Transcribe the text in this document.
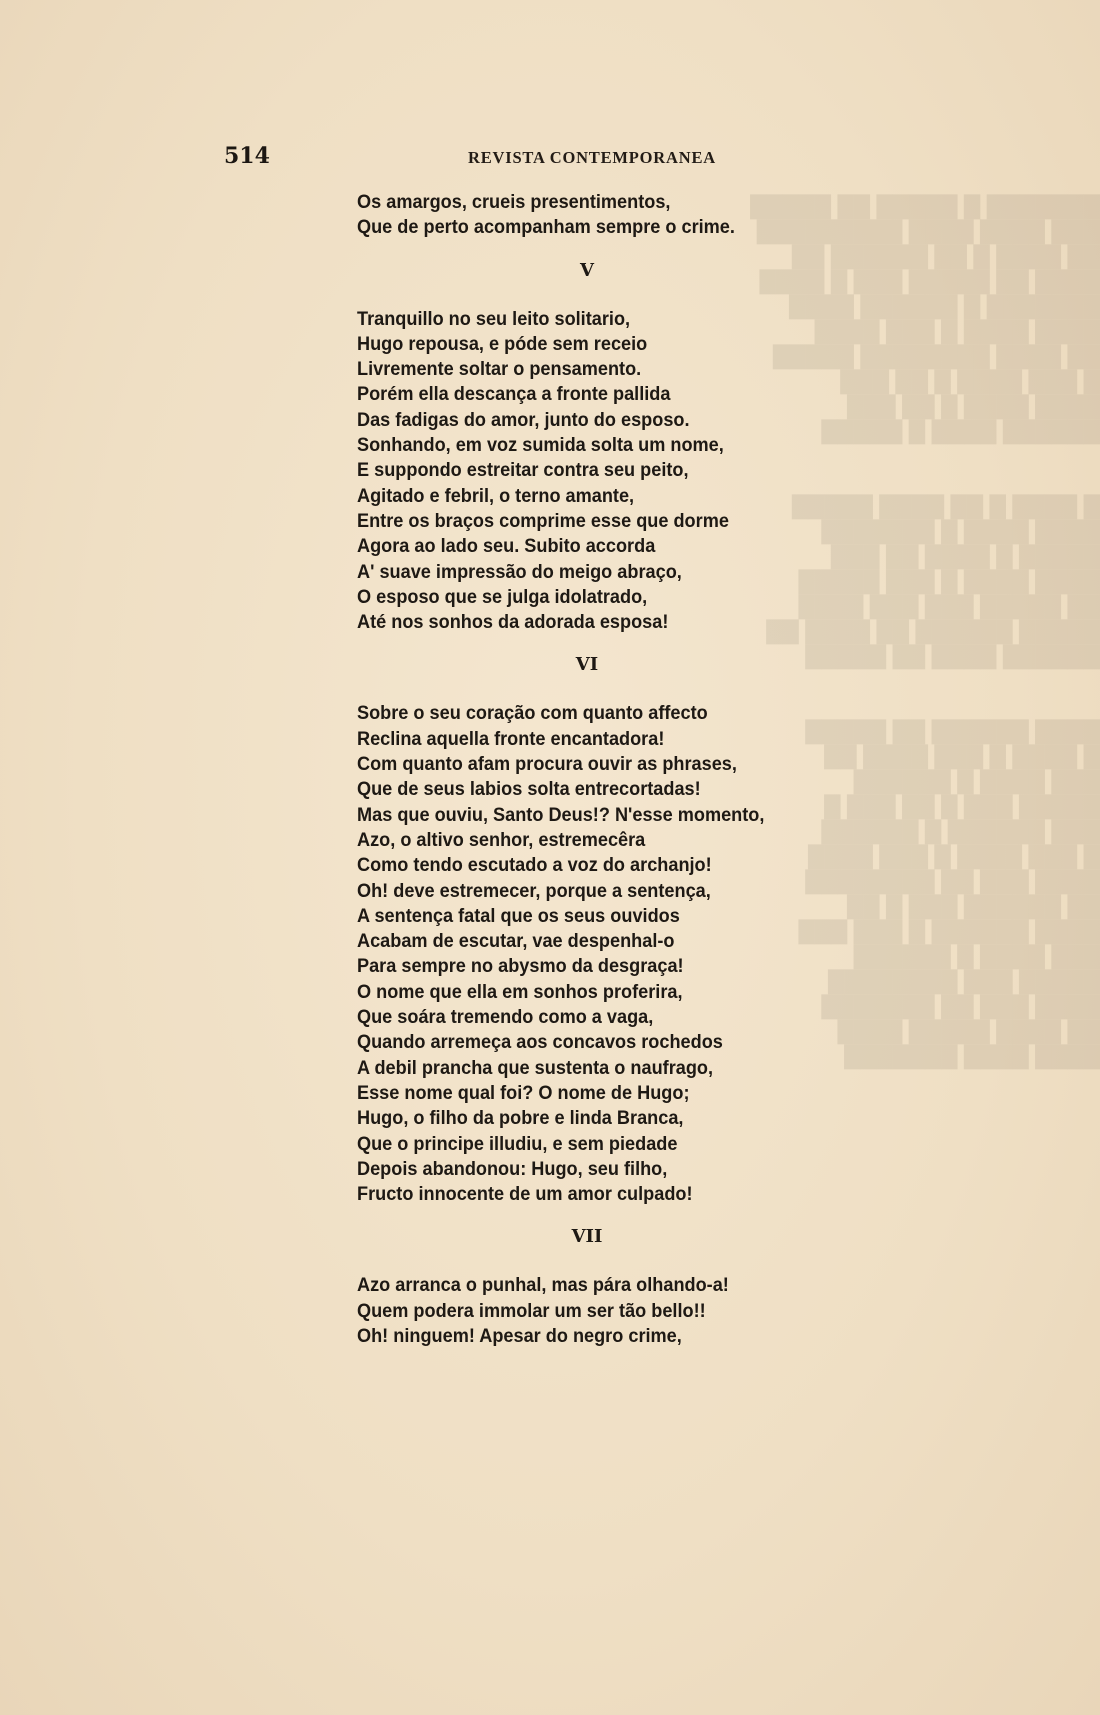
███████ █ █████ ██ █████
███ ████ ████ █████████
██ ████ █ ██ ██████ ██
████ ██ █████ ███ █ ████
███████ █ ██████ ████
████ ████ █ ███ ████
██ ████ ████████ █████
█ ███ ████ █ ██ ███
████ ████ █ ██ ███
██████ ████ █ █████

█ ████ █ ██ ████ █████
████ ████ █ ███████
█████ █ ████ ██ ███
████ ████ █ ███ █████
██ █████ ███ ███ ████
█████ ██████ ██ ████ ██
██████ ████ ██ █████

████ ██████ ██ █████
█ ████ █ ███ ████ ██
███ ████ █ ██████
█████ ███ █ ██ ███ █
███ ██████ █ ██████
█ ███ ████ █ ███ ████
████ ███ ██ ████████
██ ██████ ███ █ ██
████ ██████ █ ███ ███
███ ████ █ ██████
█████ ███ ████████
████ ███ ██ ███████
██ ████ █████ ████
████ ████ ███████

514	REVISTA CONTEMPORANEA
Os amargos, crueis presentimentos,
Que de perto acompanham sempre o crime.
V
Tranquillo no seu leito solitario,
Hugo repousa, e póde sem receio
Livremente soltar o pensamento.
Porém ella descança a fronte pallida
Das fadigas do amor, junto do esposo.
Sonhando, em voz sumida solta um nome,
E suppondo estreitar contra seu peito,
Agitado e febril, o terno amante,
Entre os braços comprime esse que dorme
Agora ao lado seu. Subito accorda
A' suave impressão do meigo abraço,
O esposo que se julga idolatrado,
Até nos sonhos da adorada esposa!
VI
Sobre o seu coração com quanto affecto
Reclina aquella fronte encantadora!
Com quanto afam procura ouvir as phrases,
Que de seus labios solta entrecortadas!
Mas que ouviu, Santo Deus!? N'esse momento,
Azo, o altivo senhor, estremecêra
Como tendo escutado a voz do archanjo!
Oh! deve estremecer, porque a sentença,
A sentença fatal que os seus ouvidos
Acabam de escutar, vae despenhal-o
Para sempre no abysmo da desgraça!
O nome que ella em sonhos proferira,
Que soára tremendo como a vaga,
Quando arremeça aos concavos rochedos
A debil prancha que sustenta o naufrago,
Esse nome qual foi? O nome de Hugo;
Hugo, o filho da pobre e linda Branca,
Que o principe illudiu, e sem piedade
Depois abandonou: Hugo, seu filho,
Fructo innocente de um amor culpado!
VII
Azo arranca o punhal, mas pára olhando-a!
Quem podera immolar um ser tão bello!!
Oh! ninguem! Apesar do negro crime,
